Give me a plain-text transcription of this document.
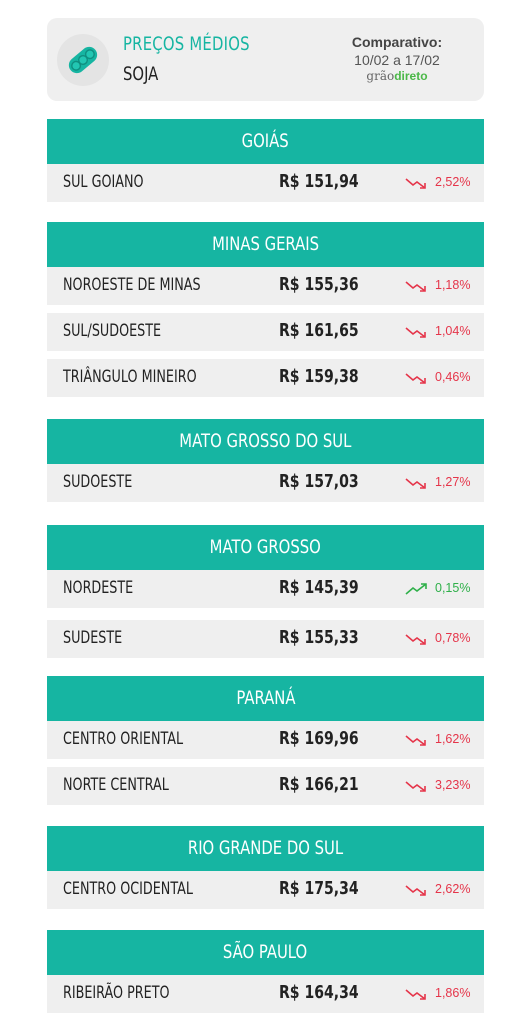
PREÇOS MÉDIOS
SOJA
Comparativo:
10/02 a 17/02
grãodireto
GOIÁS
SUL GOIANO	R$ 151,94	2,52%
MINAS GERAIS
NOROESTE DE MINAS	R$ 155,36	1,18%
SUL/SUDOESTE	R$ 161,65	1,04%
TRIÂNGULO MINEIRO	R$ 159,38	0,46%
MATO GROSSO DO SUL
SUDOESTE	R$ 157,03	1,27%
MATO GROSSO
NORDESTE	R$ 145,39	0,15%
SUDESTE	R$ 155,33	0,78%
PARANÁ
CENTRO ORIENTAL	R$ 169,96	1,62%
NORTE CENTRAL	R$ 166,21	3,23%
RIO GRANDE DO SUL
CENTRO OCIDENTAL	R$ 175,34	2,62%
SÃO PAULO
RIBEIRÃO PRETO	R$ 164,34	1,86%
